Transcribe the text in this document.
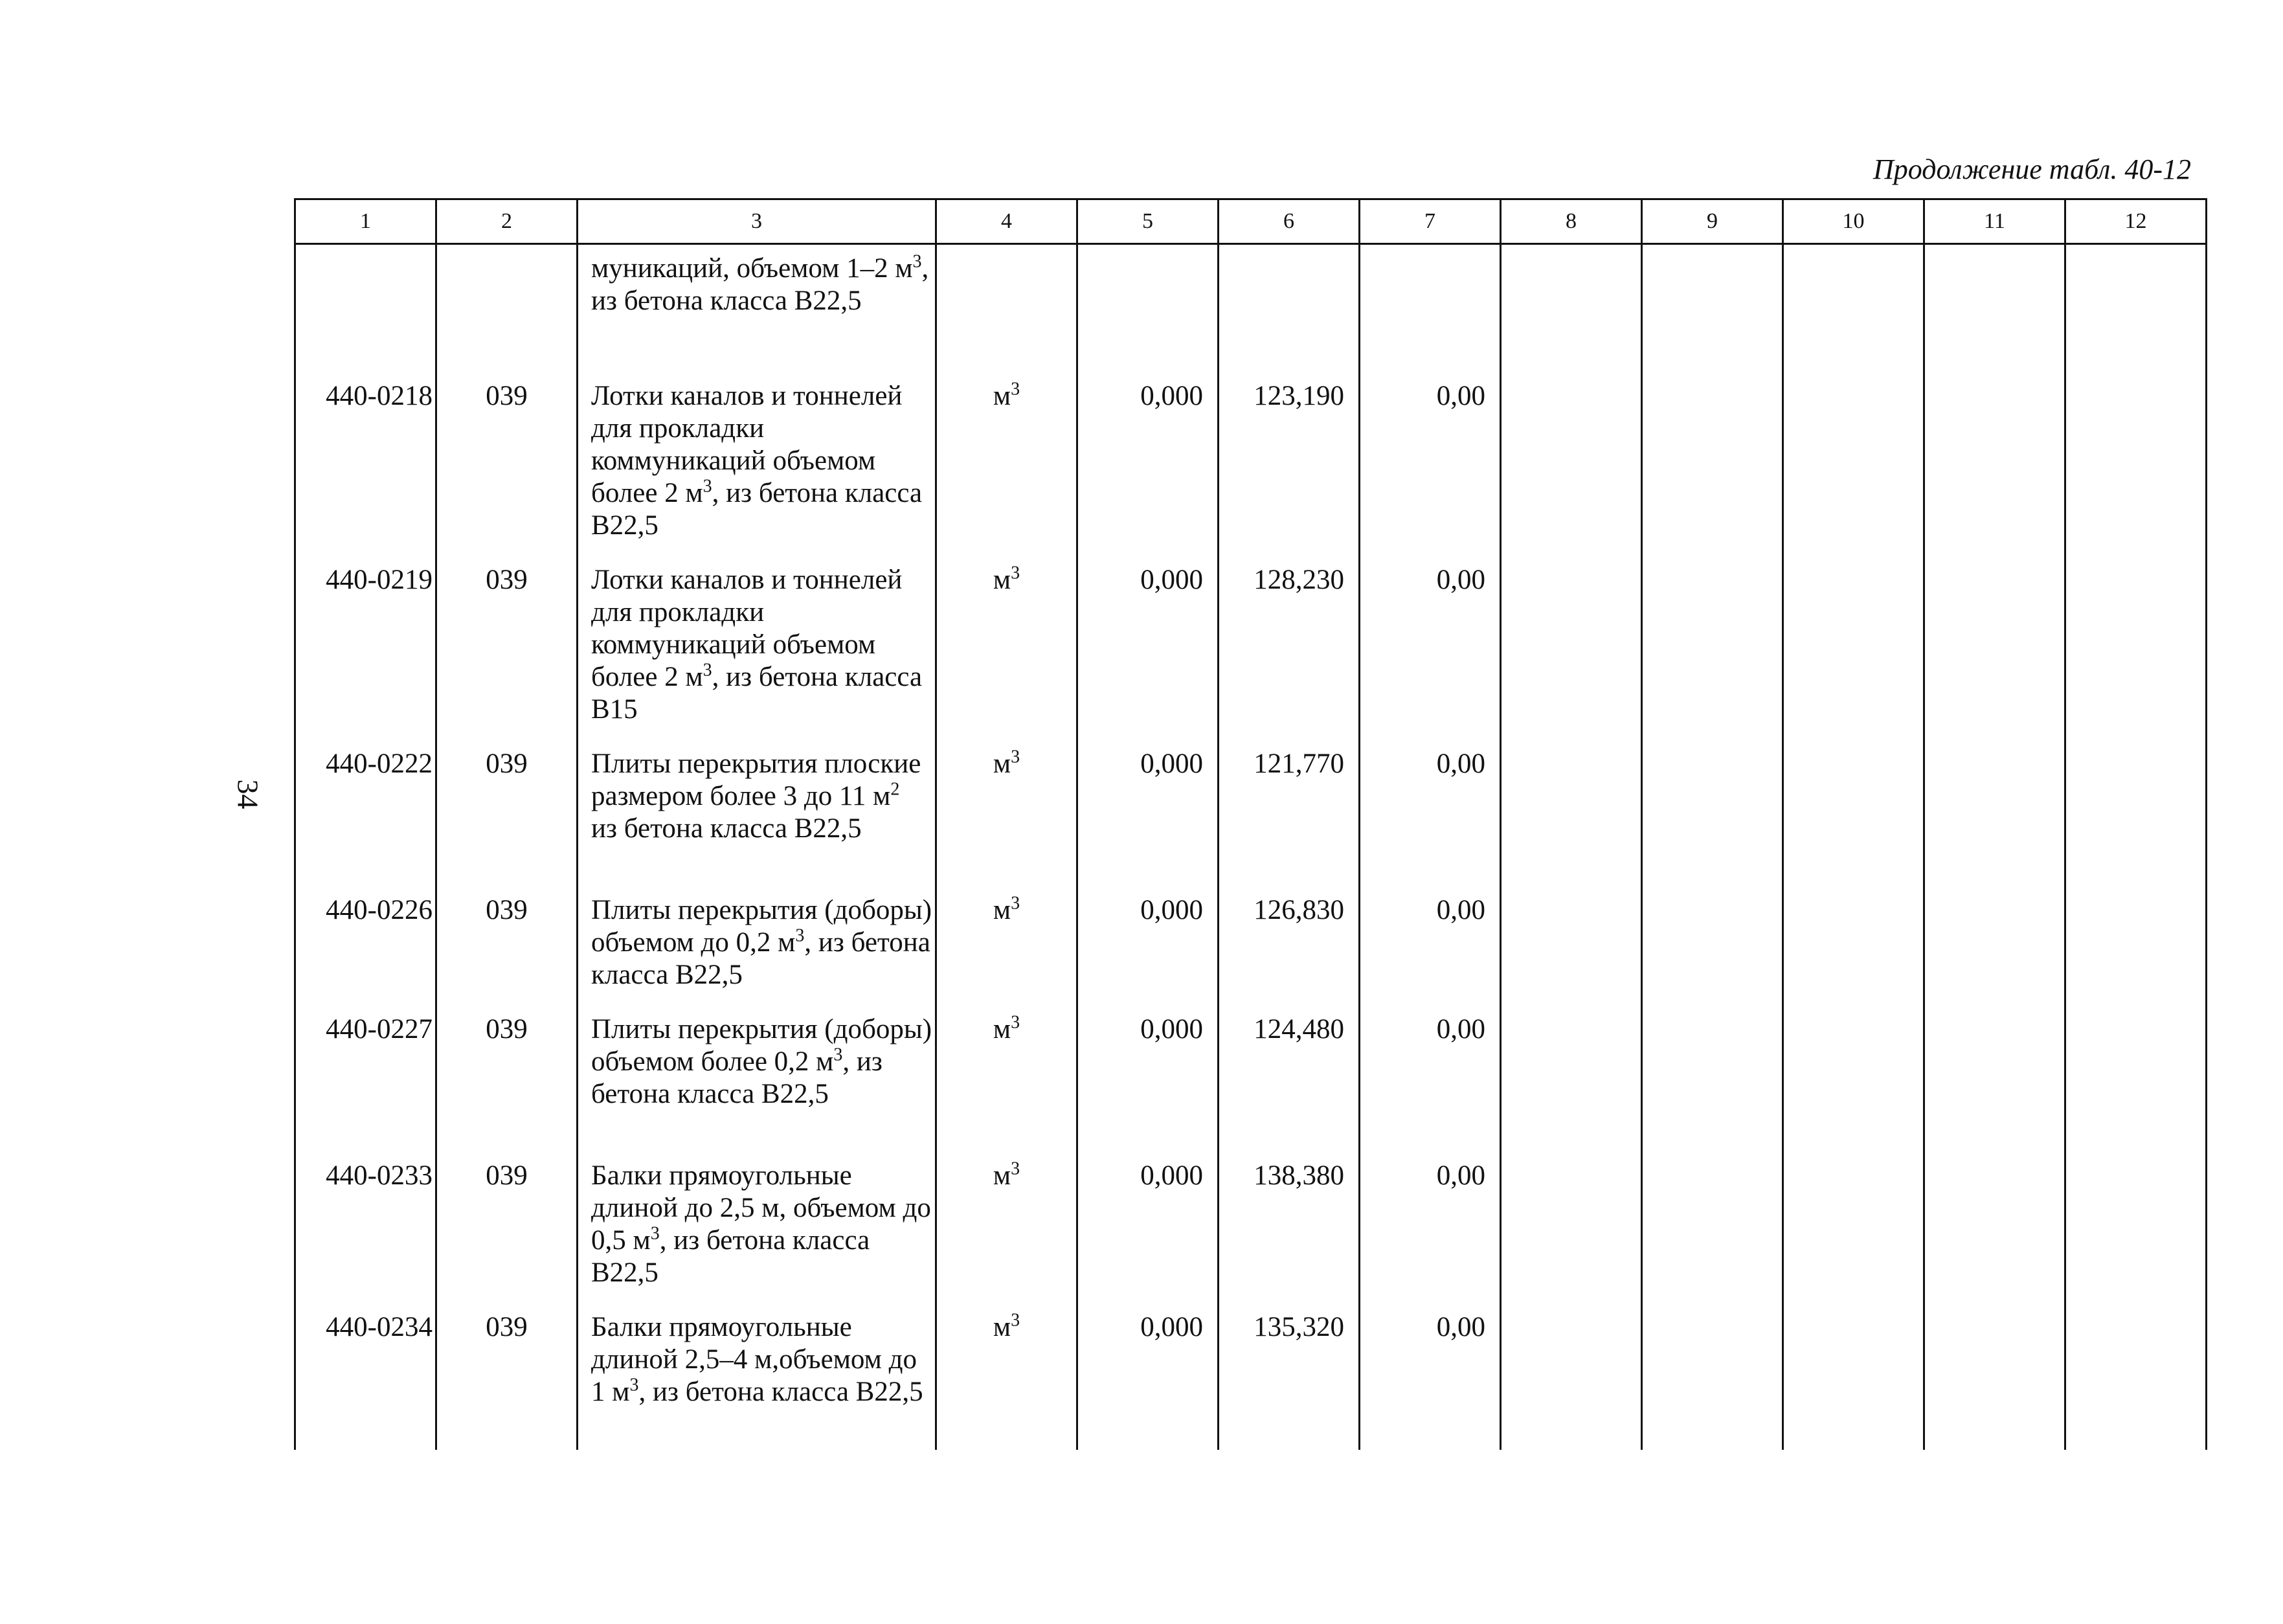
34
Продолжение табл. 40-12
1	2	3	4	5	6	7	8	9	10	11	12
		муникаций, объемом 1–2 $м^3$, из бетона класса В22,5									
440-0218	039	Лотки каналов и тоннелей для прокладки коммуникаций объемом более 2 $м^3$, из бетона класса В22,5	$м^3$	0,000	123,190	0,00					
440-0219	039	Лотки каналов и тоннелей для прокладки коммуникаций объемом более 2 $м^3$, из бетона класса В15	$м^3$	0,000	128,230	0,00					
440-0222	039	Плиты перекрытия плоские размером более 3 до 11 $м^2$ из бетона класса В22,5	$м^3$	0,000	121,770	0,00					
440-0226	039	Плиты перекрытия (доборы) объемом до 0,2 $м^3$, из бетона класса В22,5	$м^3$	0,000	126,830	0,00					
440-0227	039	Плиты перекрытия (доборы) объемом более 0,2 $м^3$, из бетона класса В22,5	$м^3$	0,000	124,480	0,00					
440-0233	039	Балки прямоугольные длиной до 2,5 м, объемом до 0,5 $м^3$, из бетона класса В22,5	$м^3$	0,000	138,380	0,00					
440-0234	039	Балки прямоугольные длиной 2,5–4 м,объемом до 1 $м^3$, из бетона класса В22,5	$м^3$	0,000	135,320	0,00					
